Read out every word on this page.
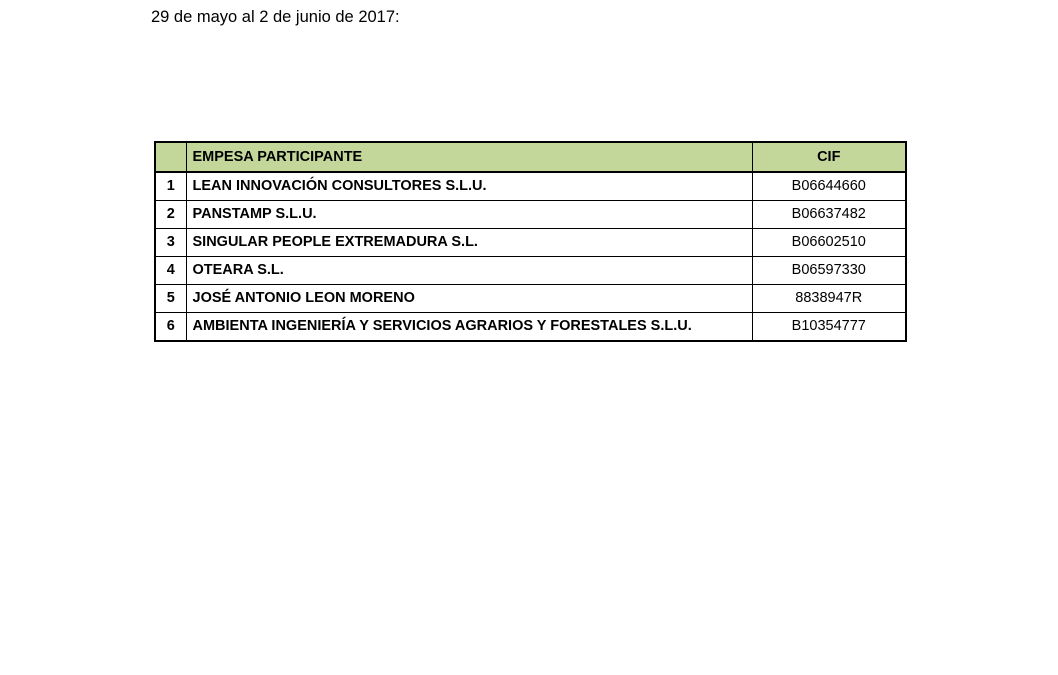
29 de mayo al 2 de junio de 2017:
	EMPESA PARTICIPANTE	CIF
1	LEAN INNOVACIÓN CONSULTORES S.L.U.	B06644660
2	PANSTAMP S.L.U.	B06637482
3	SINGULAR PEOPLE EXTREMADURA S.L.	B06602510
4	OTEARA S.L.	B06597330
5	JOSÉ ANTONIO LEON MORENO	8838947R
6	AMBIENTA INGENIERÍA Y SERVICIOS AGRARIOS Y FORESTALES S.L.U.	B10354777
